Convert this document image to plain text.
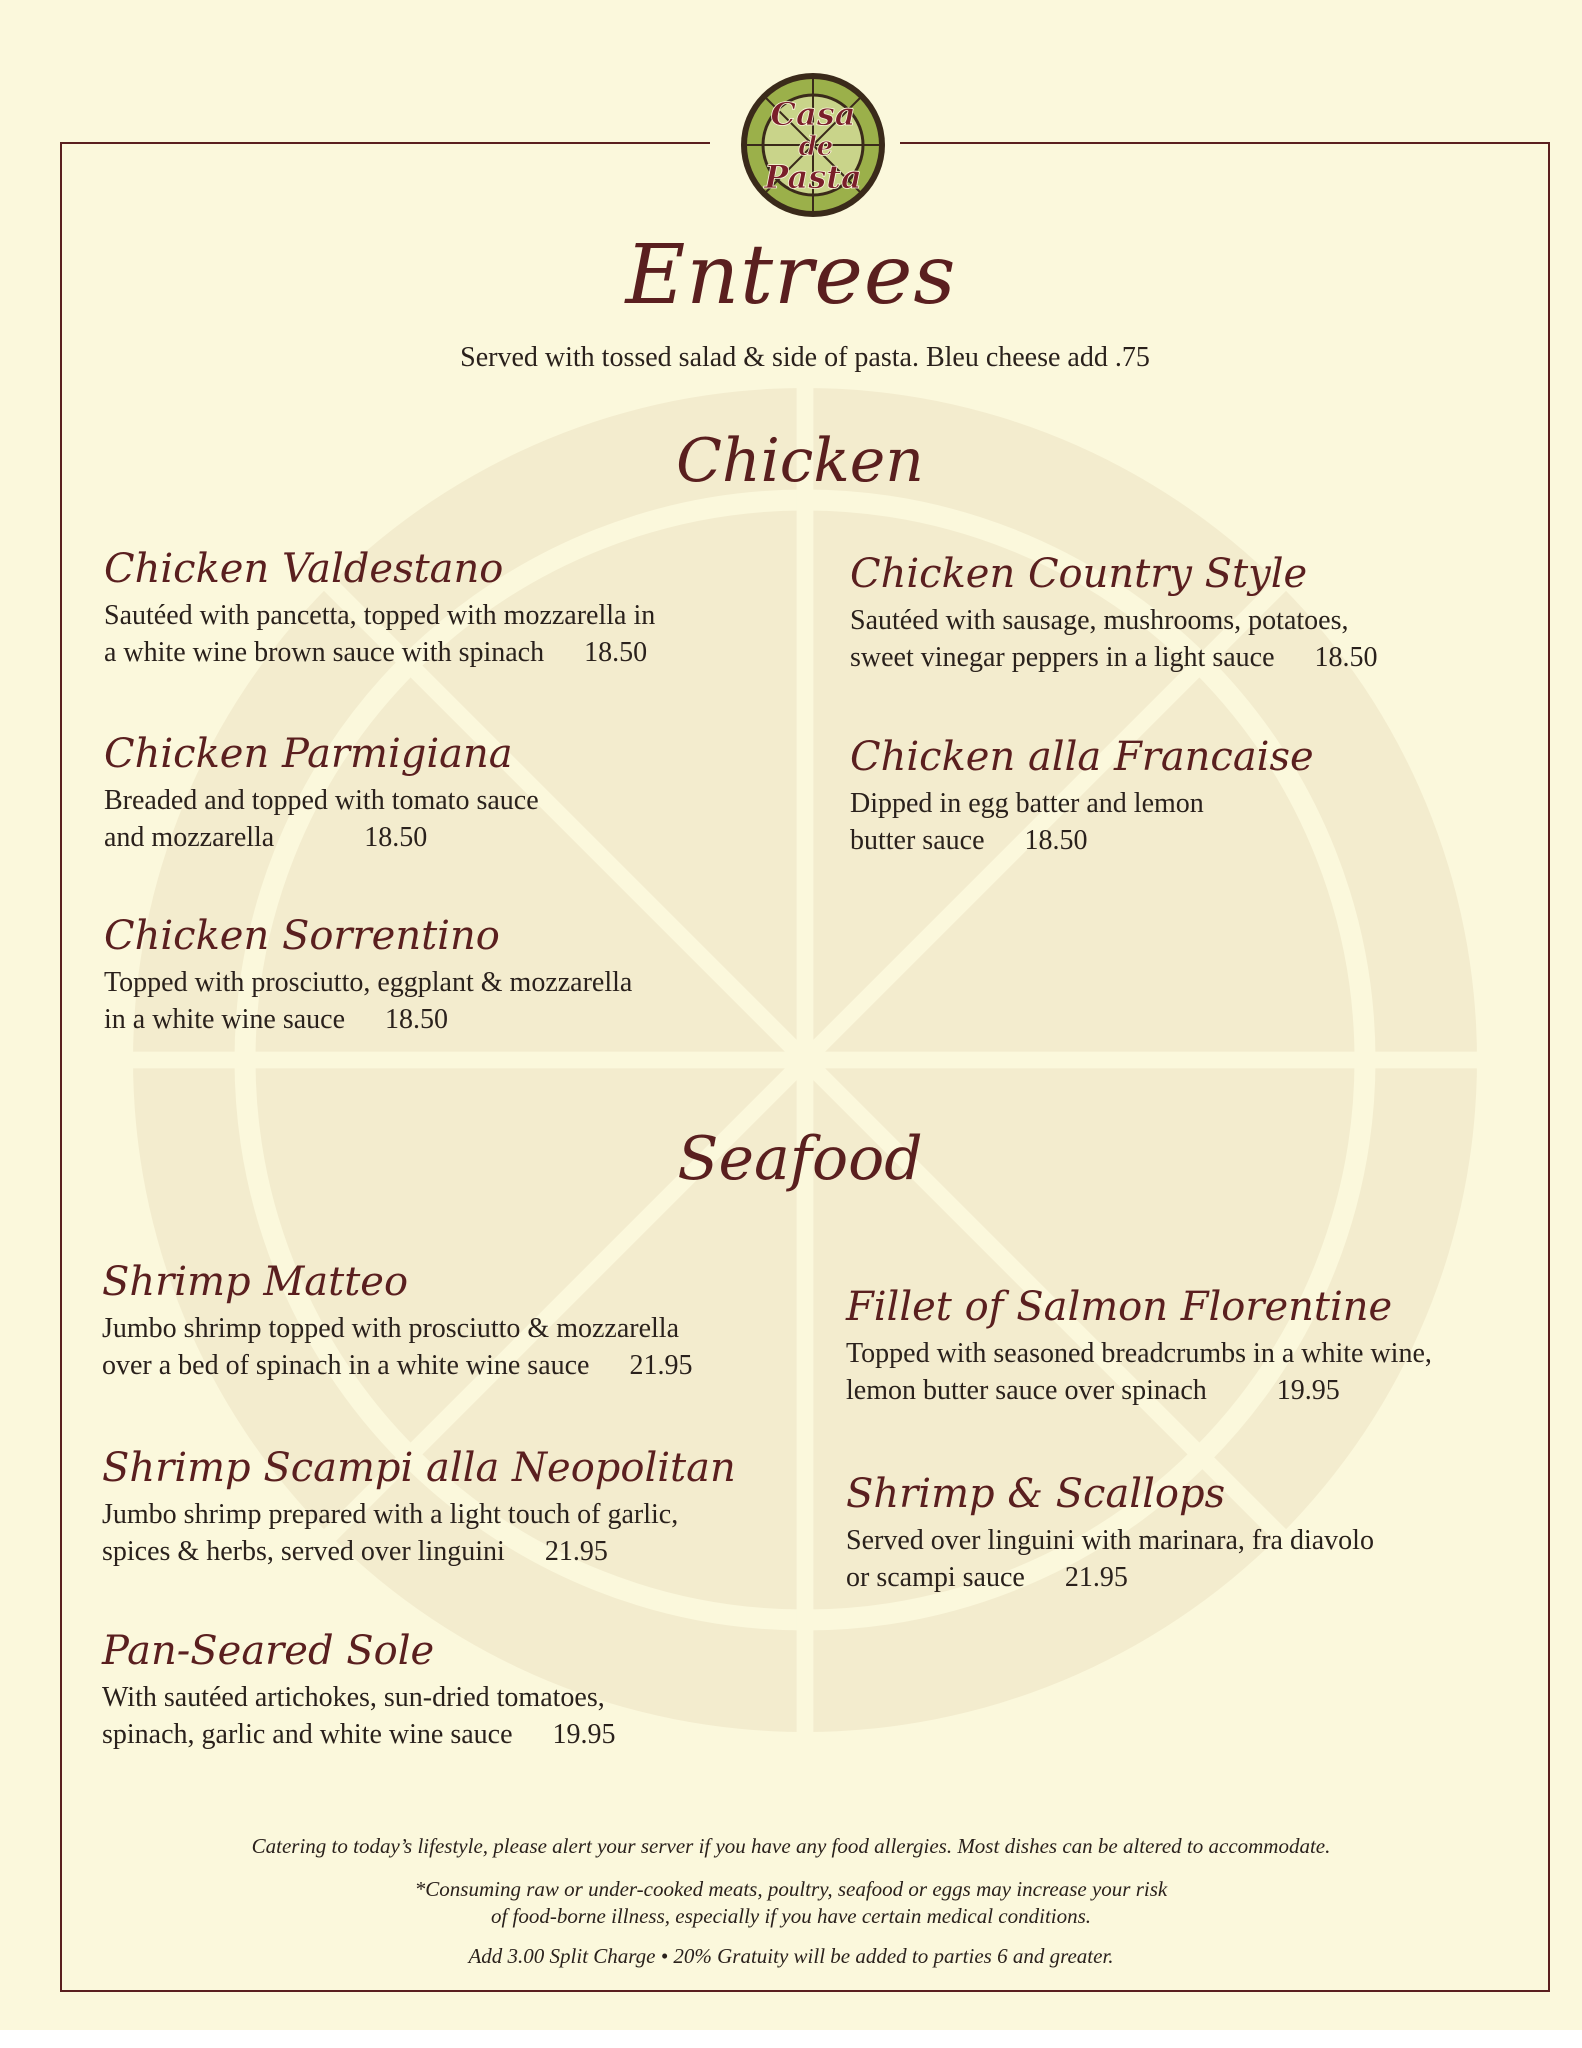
Casa
de
Pasta
Entrees
Served with tossed salad & side of pasta. Bleu cheese add .75
Chicken
Chicken Valdestano
Sautéed with pancetta, topped with mozzarella in
a white wine brown sauce with spinach 18.50
Chicken Parmigiana
Breaded and topped with tomato sauce
and mozzarella	18.50
Chicken Sorrentino
Topped with prosciutto, eggplant & mozzarella
in a white wine sauce 18.50
Chicken Country Style
Sautéed with sausage, mushrooms, potatoes,
sweet vinegar peppers in a light sauce 18.50
Chicken alla Francaise
Dipped in egg batter and lemon
butter sauce 18.50
Seafood
Shrimp Matteo
Jumbo shrimp topped with prosciutto & mozzarella
over a bed of spinach in a white wine sauce 21.95
Shrimp Scampi alla Neopolitan
Jumbo shrimp prepared with a light touch of garlic,
spices & herbs, served over linguini 21.95
Pan-Seared Sole
With sautéed artichokes, sun-dried tomatoes,
spinach, garlic and white wine sauce 19.95
Fillet of Salmon Florentine
Topped with seasoned breadcrumbs in a white wine,
lemon butter sauce over spinach	19.95
Shrimp & Scallops
Served over linguini with marinara, fra diavolo
or scampi sauce 21.95
Catering to today’s lifestyle, please alert your server if you have any food allergies. Most dishes can be altered to accommodate.
*Consuming raw or under-cooked meats, poultry, seafood or eggs may increase your risk
of food-borne illness, especially if you have certain medical conditions.
Add 3.00 Split Charge • 20% Gratuity will be added to parties 6 and greater.
